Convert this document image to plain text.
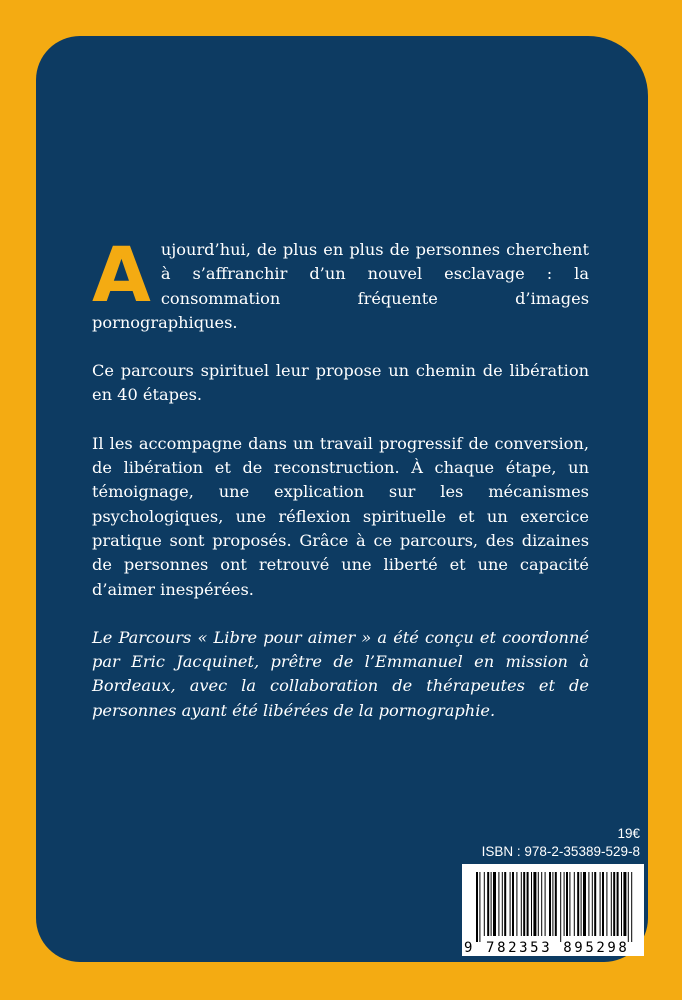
Aujourd’hui, de plus en plus de personnes cherchent à s’affranchir d’un nouvel esclavage : la consommation fréquente d’images pornographiques.

Ce parcours spirituel leur propose un chemin de libération en 40 étapes.

Il les accompagne dans un travail progressif de conversion, de libération et de reconstruction. À chaque étape, un témoignage, une explication sur les mécanismes psychologiques, une réflexion spirituelle et un exercice pratique sont proposés. Grâce à ce parcours, des dizaines de personnes ont retrouvé une liberté et une capacité d’aimer inespérées.

Le Parcours « Libre pour aimer » a été conçu et coordonné par Eric Jacquinet, prêtre de l’Emmanuel en mission à Bordeaux, avec la collaboration de thérapeutes et de personnes ayant été libérées de la pornographie.

19€
ISBN : 978-2-35389-529-8
9 782353 895298
